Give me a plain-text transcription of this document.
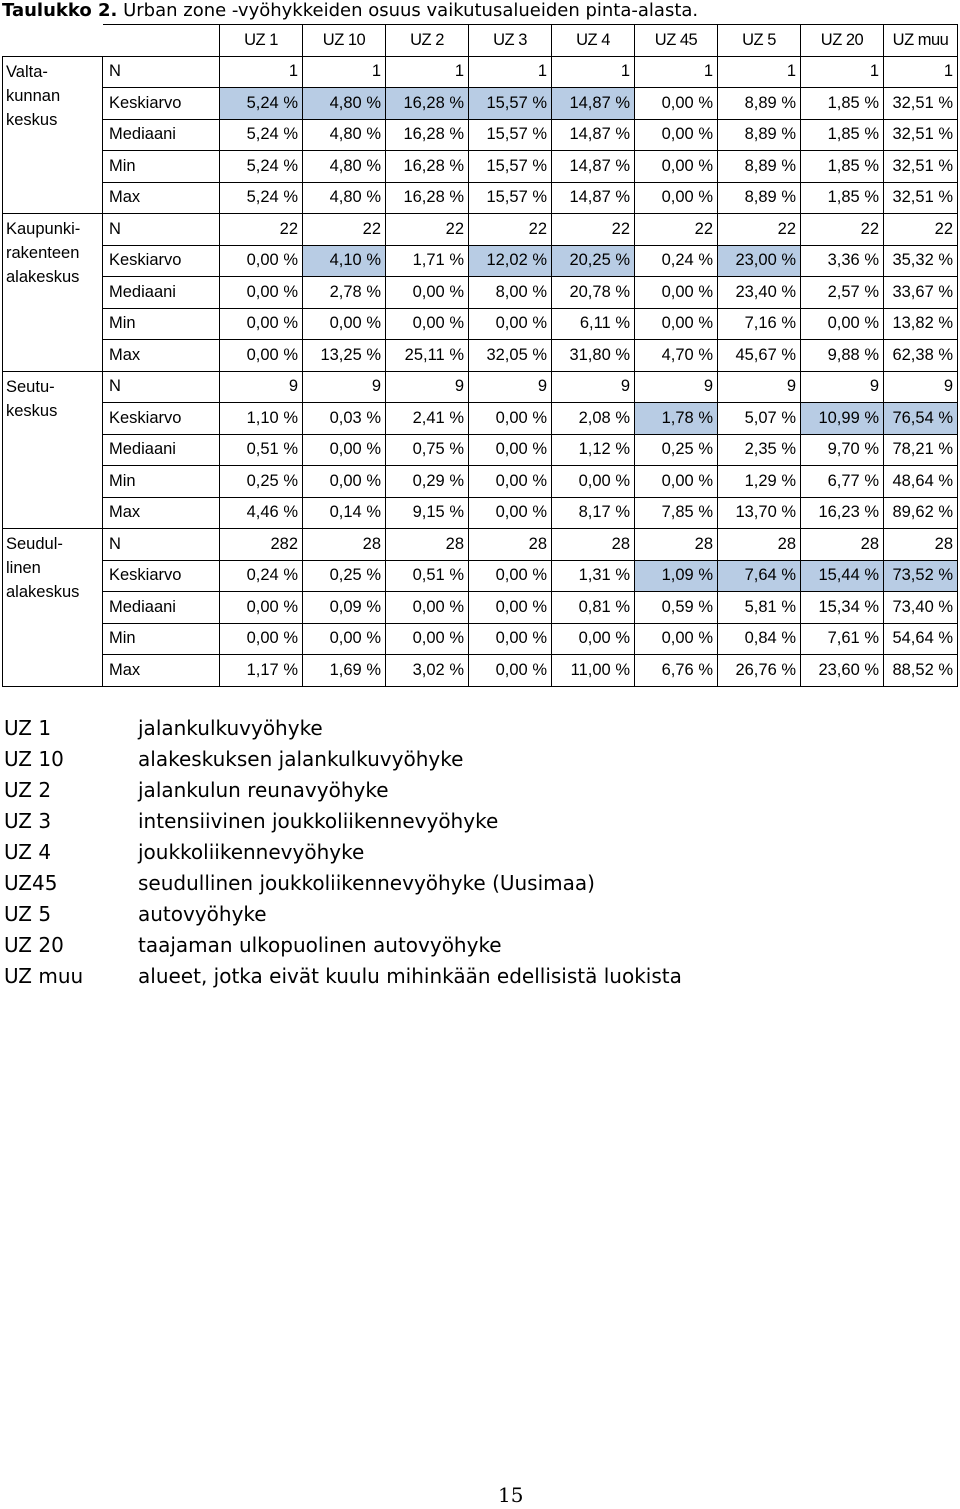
Taulukko 2. Urban zone -vyöhykkeiden osuus vaikutusalueiden pinta-alasta.
		UZ 1	UZ 10	UZ 2	UZ 3	UZ 4	UZ 45	UZ 5	UZ 20	UZ muu

Valta-
kunnan
keskus	N	1	1	1	1	1	1	1	1	1
	Keskiarvo	5,24 %	4,80 %	16,28 %	15,57 %	14,87 %	0,00 %	8,89 %	1,85 %	32,51 %
	Mediaani	5,24 %	4,80 %	16,28 %	15,57 %	14,87 %	0,00 %	8,89 %	1,85 %	32,51 %
	Min	5,24 %	4,80 %	16,28 %	15,57 %	14,87 %	0,00 %	8,89 %	1,85 %	32,51 %
	Max	5,24 %	4,80 %	16,28 %	15,57 %	14,87 %	0,00 %	8,89 %	1,85 %	32,51 %

Kaupunki-
rakenteen
alakeskus	N	22	22	22	22	22	22	22	22	22
	Keskiarvo	0,00 %	4,10 %	1,71 %	12,02 %	20,25 %	0,24 %	23,00 %	3,36 %	35,32 %
	Mediaani	0,00 %	2,78 %	0,00 %	8,00 %	20,78 %	0,00 %	23,40 %	2,57 %	33,67 %
	Min	0,00 %	0,00 %	0,00 %	0,00 %	6,11 %	0,00 %	7,16 %	0,00 %	13,82 %
	Max	0,00 %	13,25 %	25,11 %	32,05 %	31,80 %	4,70 %	45,67 %	9,88 %	62,38 %

Seutu-
keskus	N	9	9	9	9	9	9	9	9	9
	Keskiarvo	1,10 %	0,03 %	2,41 %	0,00 %	2,08 %	1,78 %	5,07 %	10,99 %	76,54 %
	Mediaani	0,51 %	0,00 %	0,75 %	0,00 %	1,12 %	0,25 %	2,35 %	9,70 %	78,21 %
	Min	0,25 %	0,00 %	0,29 %	0,00 %	0,00 %	0,00 %	1,29 %	6,77 %	48,64 %
	Max	4,46 %	0,14 %	9,15 %	0,00 %	8,17 %	7,85 %	13,70 %	16,23 %	89,62 %

Seudul-
linen
alakeskus	N	282	28	28	28	28	28	28	28	28
	Keskiarvo	0,24 %	0,25 %	0,51 %	0,00 %	1,31 %	1,09 %	7,64 %	15,44 %	73,52 %
	Mediaani	0,00 %	0,09 %	0,00 %	0,00 %	0,81 %	0,59 %	5,81 %	15,34 %	73,40 %
	Min	0,00 %	0,00 %	0,00 %	0,00 %	0,00 %	0,00 %	0,84 %	7,61 %	54,64 %
	Max	1,17 %	1,69 %	3,02 %	0,00 %	11,00 %	6,76 %	26,76 %	23,60 %	88,52 %
UZ 1	jalankulkuvyöhyke
UZ 10	alakeskuksen jalankulkuvyöhyke
UZ 2	jalankulun reunavyöhyke
UZ 3	intensiivinen joukkoliikennevyöhyke
UZ 4	joukkoliikennevyöhyke
UZ45	seudullinen joukkoliikennevyöhyke (Uusimaa)
UZ 5	autovyöhyke
UZ 20	taajaman ulkopuolinen autovyöhyke
UZ muu	alueet, jotka eivät kuulu mihinkään edellisistä luokista
15
